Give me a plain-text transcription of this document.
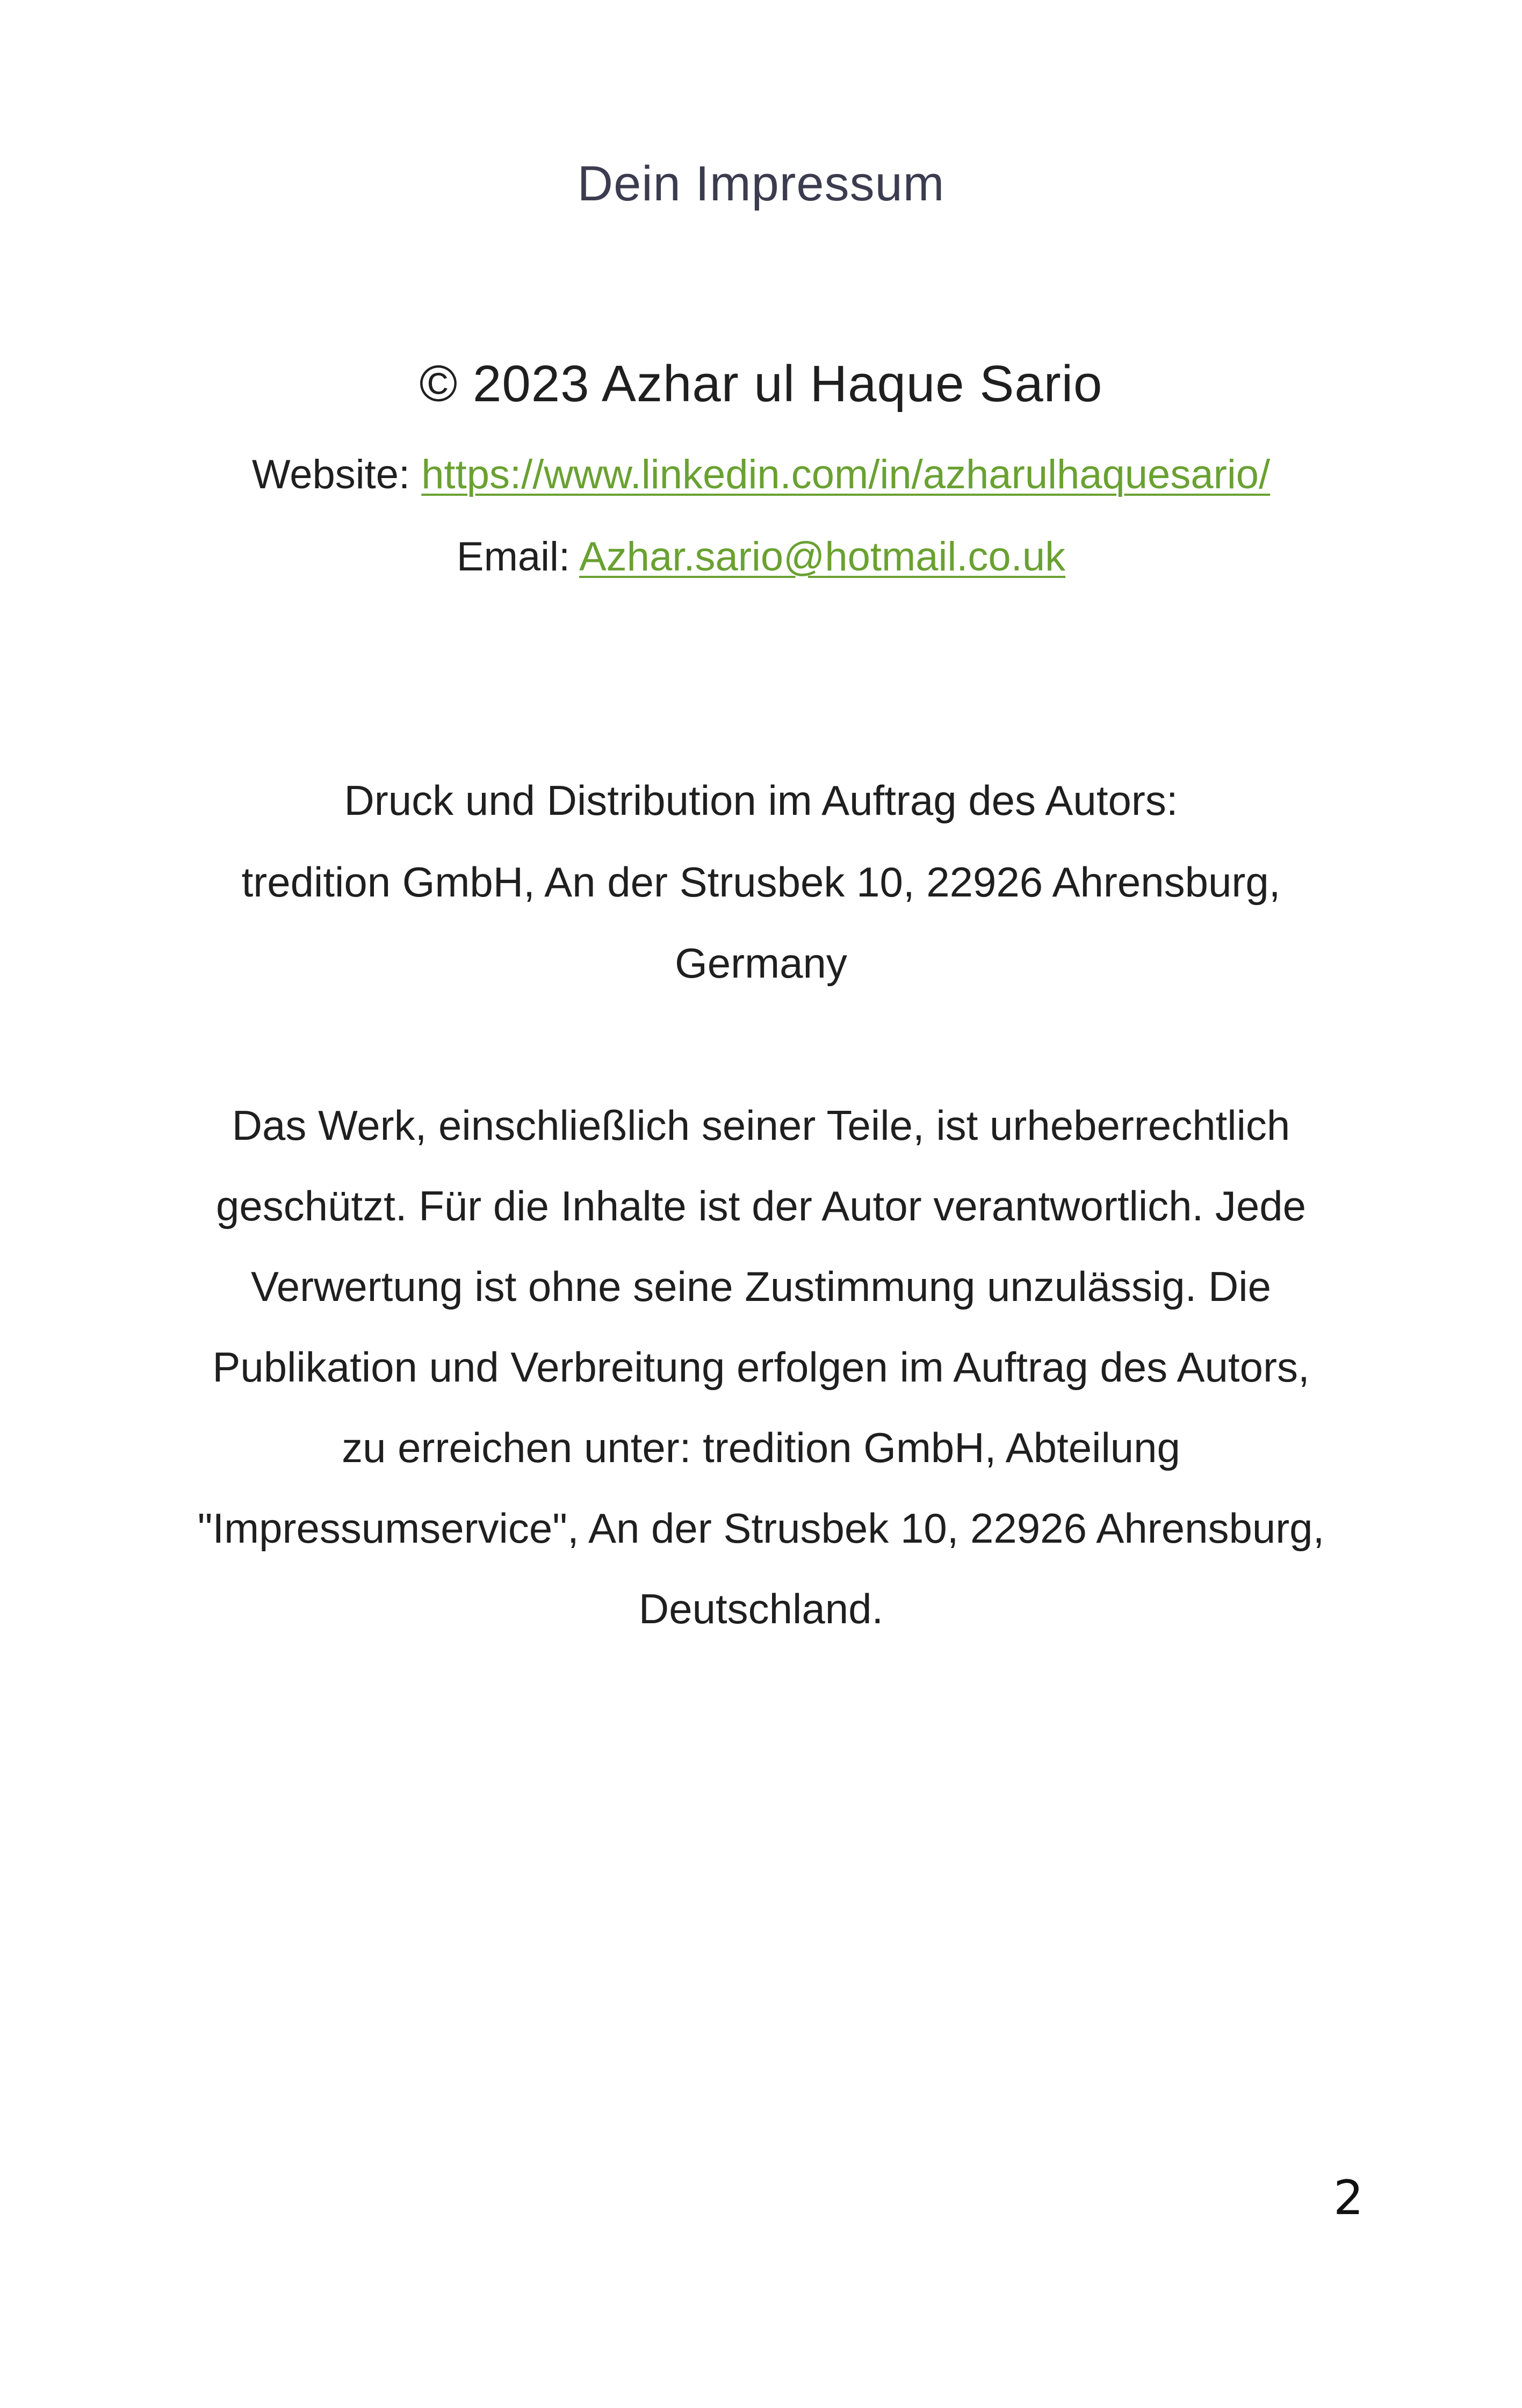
Dein Impressum
© 2023 Azhar ul Haque Sario
Website: https://www.linkedin.com/in/azharulhaquesario/
Email: Azhar.sario@hotmail.co.uk
Druck und Distribution im Auftrag des Autors:
tredition GmbH, An der Strusbek 10, 22926 Ahrensburg,
Germany
Das Werk, einschließlich seiner Teile, ist urheberrechtlich
geschützt. Für die Inhalte ist der Autor verantwortlich. Jede
Verwertung ist ohne seine Zustimmung unzulässig. Die
Publikation und Verbreitung erfolgen im Auftrag des Autors,
zu erreichen unter: tredition GmbH, Abteilung
"Impressumservice", An der Strusbek 10, 22926 Ahrensburg,
Deutschland.
2
